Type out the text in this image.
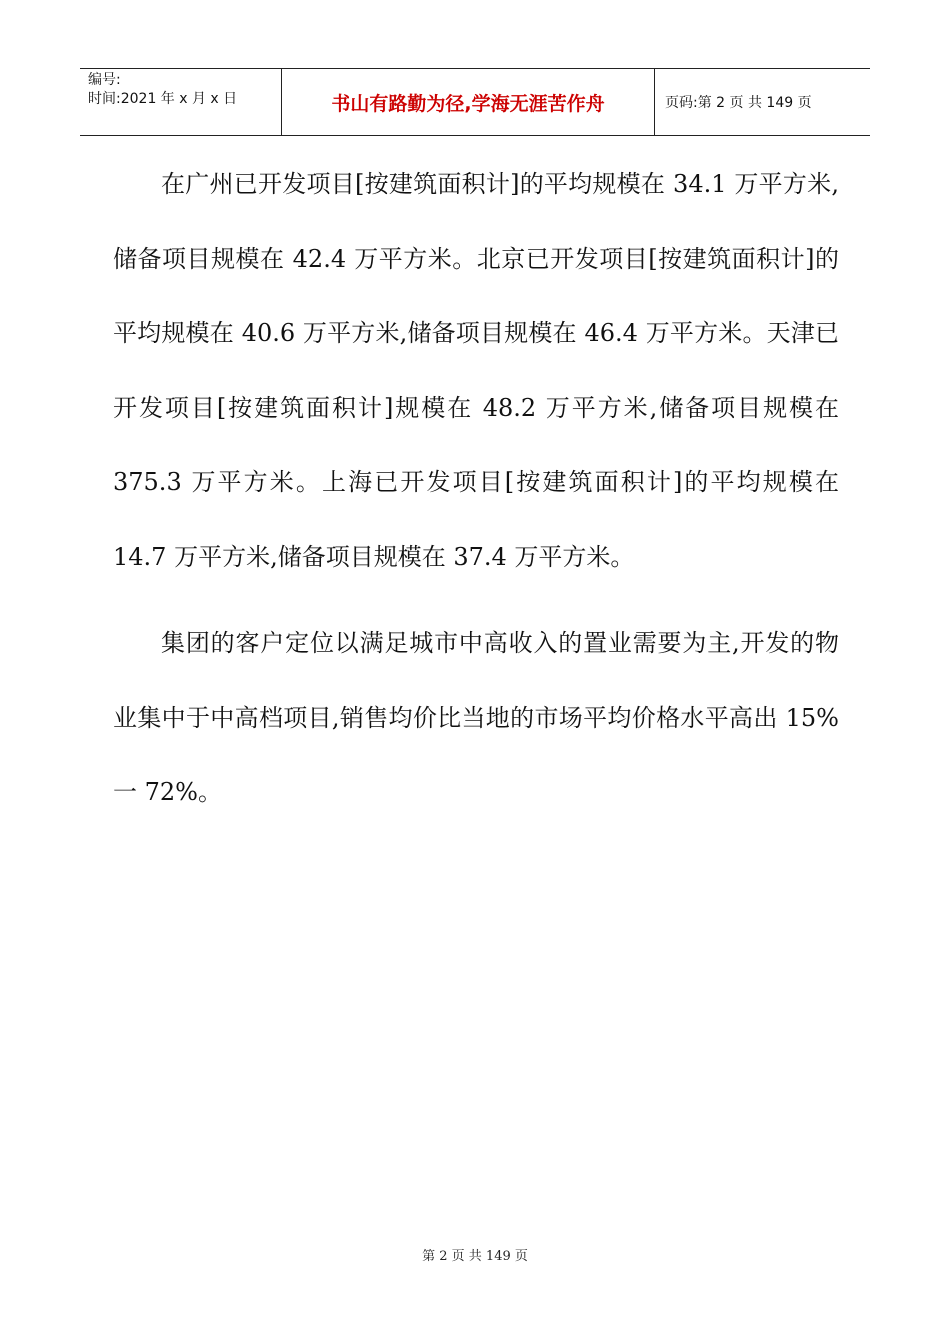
编号:
时间:2021 年 x 月 x 日	书山有路勤为径,学海无涯苦作舟	页码:第 2 页 共 149 页

在广州已开发项目[按建筑面积计]的平均规模在 34.1 万平方米,储备项目规模在 42.4 万平方米。北京已开发项目[按建筑面积计]的平均规模在 40.6 万平方米,储备项目规模在 46.4 万平方米。天津已开发项目[按建筑面积计]规模在 48.2 万平方米,储备项目规模在 375.3 万平方米。上海已开发项目[按建筑面积计]的平均规模在 14.7 万平方米,储备项目规模在 37.4 万平方米。

集团的客户定位以满足城市中高收入的置业需要为主,开发的物业集中于中高档项目,销售均价比当地的市场平均价格水平高出 15%一 72%。

第 2 页 共 149 页
